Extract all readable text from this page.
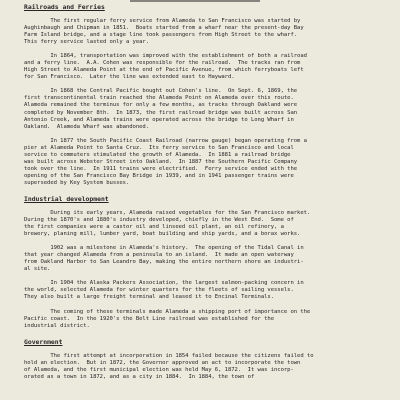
Railroads and Ferries

The first regular ferry service from Alameda to San Francisco was started by
Aughinbaugh and Chipman in 1851.  Boats started from a wharf near the present-day Bay
Farm Island bridge, and a stage line took passengers from High Street to the wharf.
This ferry service lasted only a year.

In 1864, transportation was improved with the establishment of both a railroad
and a ferry line.  A.A. Cohen was responsible for the railroad.  The tracks ran from
High Street to Alameda Point at the end of Pacific Avenue, from which ferryboats left
for San Francisco.  Later the line was extended east to Hayward.

In 1868 the Central Pacific bought out Cohen's line.  On Sept. 6, 1869, the
first transcontinental train reached the Alameda Point on Alameda over this route.
Alameda remained the terminus for only a few months, as tracks through Oakland were
completed by November 8th.  In 1873, the first railroad bridge was built across San
Antonio Creek, and Alameda trains were operated across the bridge to Long Wharf in
Oakland.  Alameda Wharf was abandoned.

In 1877 the South Pacific Coast Railroad (narrow gauge) began operating from a
pier at Alameda Point to Santa Cruz.  Its ferry service to San Francisco and local
service to commuters stimulated the growth of Alameda.  In 1881 a railroad bridge
was built across Webster Street into Oakland.  In 1887 the Southern Pacific Company
took over the line.  In 1911 trains were electrified.  Ferry service ended with the
opening of the San Francisco Bay Bridge in 1939, and in 1941 passenger trains were
superseded by Key System busses.

Industrial development

During its early years, Alameda raised vegetables for the San Francisco market.
During the 1870's and 1880's industry developed, chiefly in the West End.  Some of
the first companies were a castor oil and linseed oil plant, an oil refinery, a
brewery, planing mill, lumber yard, boat building and ship yards, and a borax works.

1902 was a milestone in Alameda's history.  The opening of the Tidal Canal in
that year changed Alameda from a peninsula to an island.  It made an open waterway
from Oakland Harbor to San Leandro Bay, making the entire northern shore an industri-
al site.

In 1904 the Alaska Packers Association, the largest salmon-packing concern in
the world, selected Alameda for winter quarters for the fleets of sailing vessels.
They also built a large freight terminal and leased it to Encinal Terminals.

The coming of these terminals made Alameda a shipping port of importance on the
Pacific coast.  In the 1920's the Belt Line railroad was established for the
industrial district.

Government

The first attempt at incorporation in 1854 failed because the citizens failed to
hold an election.  But in 1872, the Governor approved an act to incorporate the town
of Alameda, and the first municipal election was held May 6, 1872.  It was incorp-
orated as a town in 1872, and as a city in 1884.  In 1884, the town of
